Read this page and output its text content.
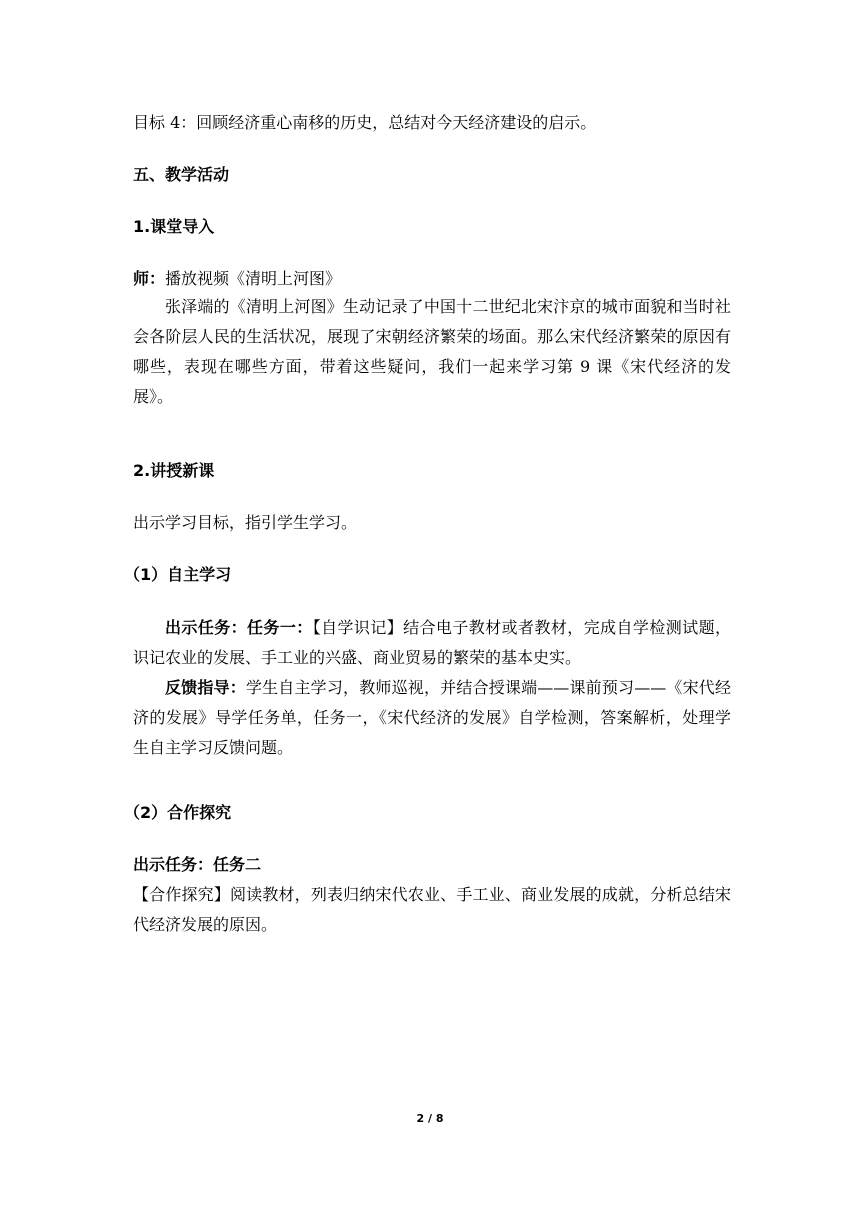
目标 4：回顾经济重心南移的历史，总结对今天经济建设的启示。
五、教学活动
1.课堂导入
师：播放视频《清明上河图》
张泽端的《清明上河图》生动记录了中国十二世纪北宋汴京的城市面貌和当时社会各阶层人民的生活状况，展现了宋朝经济繁荣的场面。那么宋代经济繁荣的原因有哪些，表现在哪些方面，带着这些疑问，我们一起来学习第 9 课《宋代经济的发展》。
2.讲授新课
出示学习目标，指引学生学习。
（1）自主学习
出示任务：任务一：【自学识记】结合电子教材或者教材，完成自学检测试题，识记农业的发展、手工业的兴盛、商业贸易的繁荣的基本史实。
反馈指导：学生自主学习，教师巡视，并结合授课端——课前预习——《宋代经济的发展》导学任务单，任务一，《宋代经济的发展》自学检测，答案解析，处理学生自主学习反馈问题。
（2）合作探究
出示任务：任务二
【合作探究】阅读教材，列表归纳宋代农业、手工业、商业发展的成就，分析总结宋代经济发展的原因。
2 / 8
